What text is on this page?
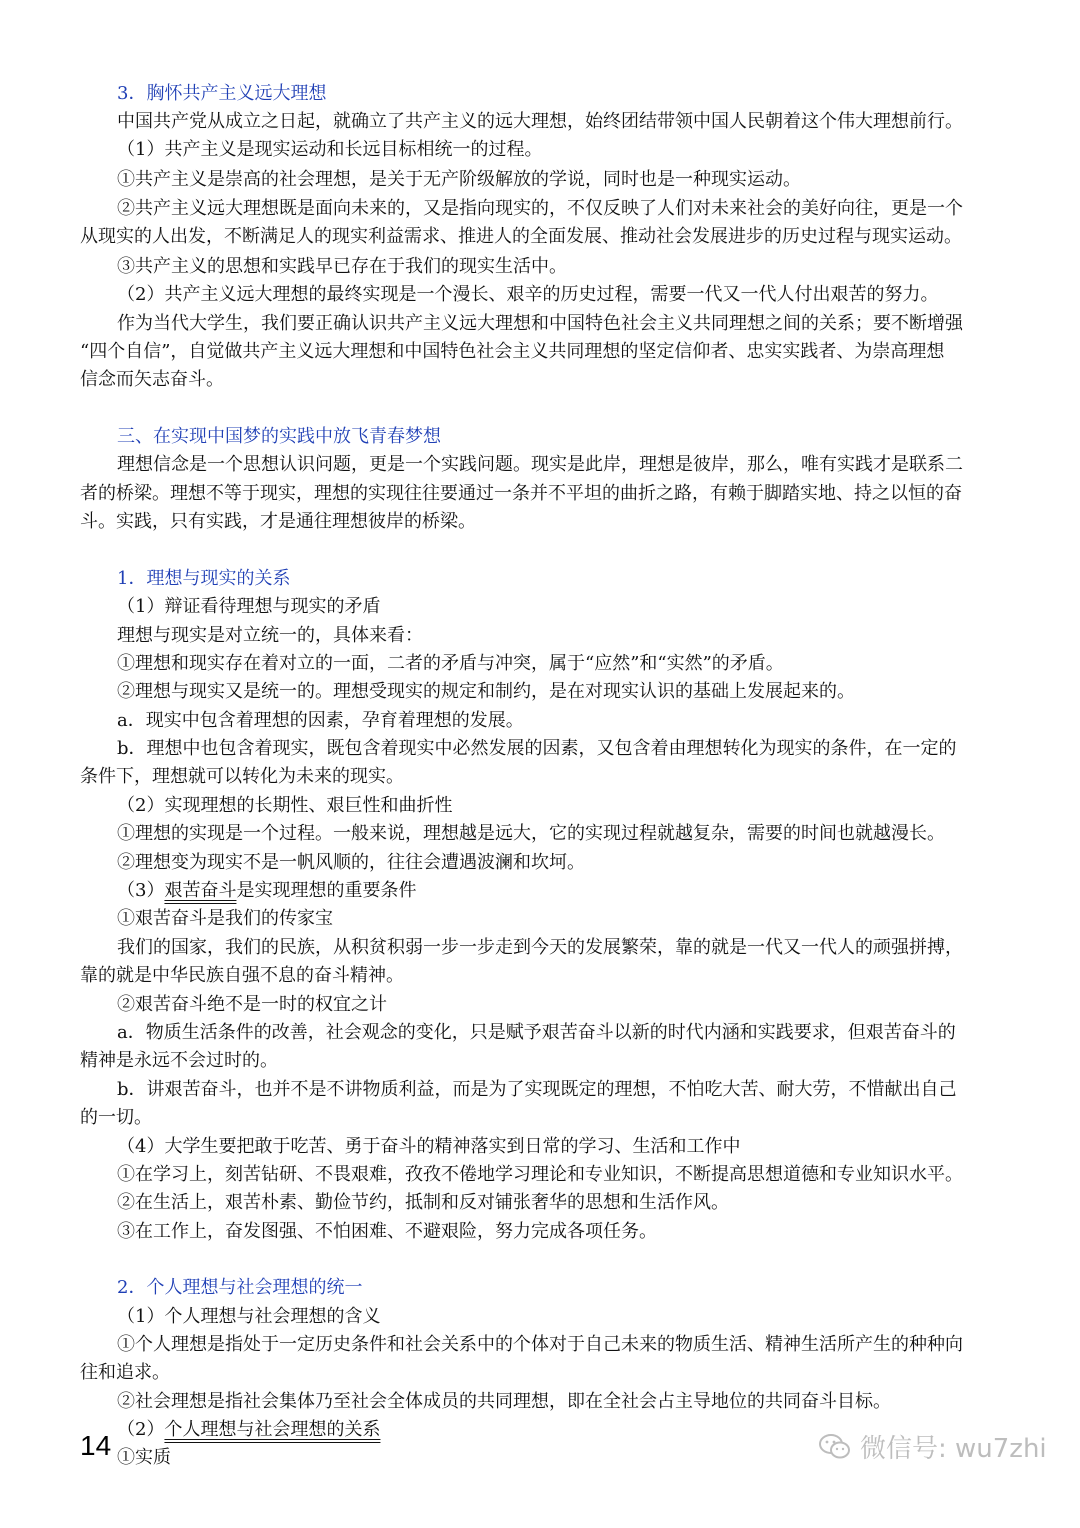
3．胸怀共产主义远大理想
中国共产党从成立之日起，就确立了共产主义的远大理想，始终团结带领中国人民朝着这个伟大理想前行。
（1）共产主义是现实运动和长远目标相统一的过程。
①共产主义是崇高的社会理想，是关于无产阶级解放的学说，同时也是一种现实运动。
②共产主义远大理想既是面向未来的，又是指向现实的，不仅反映了人们对未来社会的美好向往，更是一个
从现实的人出发，不断满足人的现实利益需求、推进人的全面发展、推动社会发展进步的历史过程与现实运动。
③共产主义的思想和实践早已存在于我们的现实生活中。
（2）共产主义远大理想的最终实现是一个漫长、艰辛的历史过程，需要一代又一代人付出艰苦的努力。
作为当代大学生，我们要正确认识共产主义远大理想和中国特色社会主义共同理想之间的关系；要不断增强
“四个自信”，自觉做共产主义远大理想和中国特色社会主义共同理想的坚定信仰者、忠实实践者、为崇高理想
信念而矢志奋斗。
三、在实现中国梦的实践中放飞青春梦想
理想信念是一个思想认识问题，更是一个实践问题。现实是此岸，理想是彼岸，那么，唯有实践才是联系二
者的桥梁。理想不等于现实，理想的实现往往要通过一条并不平坦的曲折之路，有赖于脚踏实地、持之以恒的奋
斗。实践，只有实践，才是通往理想彼岸的桥梁。
1．理想与现实的关系
（1）辩证看待理想与现实的矛盾
理想与现实是对立统一的，具体来看：
①理想和现实存在着对立的一面，二者的矛盾与冲突，属于“应然”和“实然”的矛盾。
②理想与现实又是统一的。理想受现实的规定和制约，是在对现实认识的基础上发展起来的。
a．现实中包含着理想的因素，孕育着理想的发展。
b．理想中也包含着现实，既包含着现实中必然发展的因素，又包含着由理想转化为现实的条件，在一定的
条件下，理想就可以转化为未来的现实。
（2）实现理想的长期性、艰巨性和曲折性
①理想的实现是一个过程。一般来说，理想越是远大，它的实现过程就越复杂，需要的时间也就越漫长。
②理想变为现实不是一帆风顺的，往往会遭遇波澜和坎坷。
（3）艰苦奋斗是实现理想的重要条件
①艰苦奋斗是我们的传家宝
我们的国家，我们的民族，从积贫积弱一步一步走到今天的发展繁荣，靠的就是一代又一代人的顽强拼搏，
靠的就是中华民族自强不息的奋斗精神。
②艰苦奋斗绝不是一时的权宜之计
a．物质生活条件的改善，社会观念的变化，只是赋予艰苦奋斗以新的时代内涵和实践要求，但艰苦奋斗的
精神是永远不会过时的。
b．讲艰苦奋斗，也并不是不讲物质利益，而是为了实现既定的理想，不怕吃大苦、耐大劳，不惜献出自己
的一切。
（4）大学生要把敢于吃苦、勇于奋斗的精神落实到日常的学习、生活和工作中
①在学习上，刻苦钻研、不畏艰难，孜孜不倦地学习理论和专业知识，不断提高思想道德和专业知识水平。
②在生活上，艰苦朴素、勤俭节约，抵制和反对铺张奢华的思想和生活作风。
③在工作上，奋发图强、不怕困难、不避艰险，努力完成各项任务。
2．个人理想与社会理想的统一
（1）个人理想与社会理想的含义
①个人理想是指处于一定历史条件和社会关系中的个体对于自己未来的物质生活、精神生活所产生的种种向
往和追求。
②社会理想是指社会集体乃至社会全体成员的共同理想，即在全社会占主导地位的共同奋斗目标。
（2）个人理想与社会理想的关系
①实质
14	微信号: wu7zhi
